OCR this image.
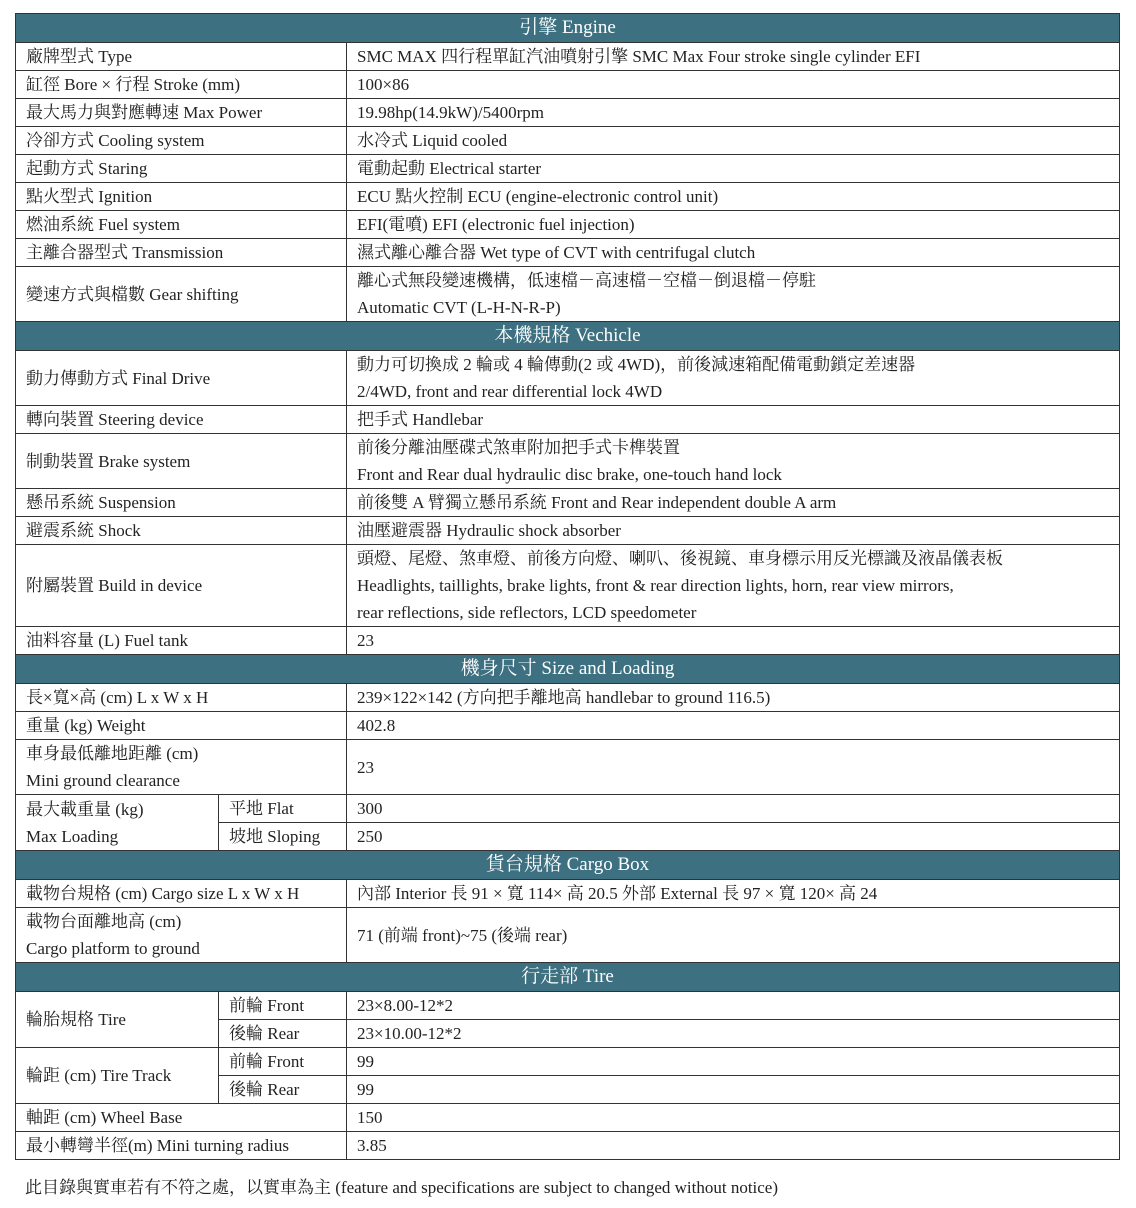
引擎 Engine		
廠牌型式 Type		SMC MAX 四行程單缸汽油噴射引擎 SMC Max Four stroke single cylinder EFI
缸徑 Bore × 行程 Stroke (mm)		100×86
最大馬力與對應轉速 Max Power		19.98hp(14.9kW)/5400rpm
冷卻方式 Cooling system		水冷式 Liquid cooled
起動方式 Staring		電動起動 Electrical starter
點火型式 Ignition		ECU 點火控制 ECU (engine-electronic control unit)
燃油系統 Fuel system		EFI(電噴) EFI (electronic fuel injection)
主離合器型式 Transmission		濕式離心離合器 Wet type of CVT with centrifugal clutch
變速方式與檔數 Gear shifting		離心式無段變速機構，低速檔－高速檔－空檔－倒退檔－停駐
Automatic CVT (L-H-N-R-P)

本機規格 Vechicle		
動力傳動方式 Final Drive		動力可切換成 2 輪或 4 輪傳動(2 或 4WD)，前後減速箱配備電動鎖定差速器
2/4WD, front and rear differential lock 4WD

轉向裝置 Steering device		把手式 Handlebar
制動裝置 Brake system		前後分離油壓碟式煞車附加把手式卡榫裝置
Front and Rear dual hydraulic disc brake, one-touch hand lock

懸吊系統 Suspension		前後雙 A 臂獨立懸吊系統 Front and Rear independent double A arm
避震系統 Shock		油壓避震器 Hydraulic shock absorber
附屬裝置 Build in device		頭燈、尾燈、煞車燈、前後方向燈、喇叭、後視鏡、車身標示用反光標識及液晶儀表板
Headlights, taillights, brake lights, front & rear direction lights, horn, rear view mirrors,
rear reflections, side reflectors, LCD speedometer

油料容量 (L) Fuel tank		23
機身尺寸 Size and Loading		
長×寬×高 (cm) L x W x H		239×122×142 (方向把手離地高 handlebar to ground 116.5)
重量 (kg) Weight		402.8

車身最低離地距離 (cm)
Mini ground clearance		23

最大載重量 (kg)
Max Loading	平地 Flat	300
	坡地 Sloping	250
貨台規格 Cargo Box		
載物台規格 (cm) Cargo size L x W x H		內部 Interior 長 91 × 寬 114× 高 20.5 外部 External 長 97 × 寬 120× 高 24

載物台面離地高 (cm)
Cargo platform to ground		71 (前端 front)~75 (後端 rear)
行走部 Tire		
輪胎規格 Tire	前輪 Front	23×8.00-12*2
	後輪 Rear	23×10.00-12*2
輪距 (cm) Tire Track	前輪 Front	99
	後輪 Rear	99
軸距 (cm) Wheel Base		150
最小轉彎半徑(m) Mini turning radius		3.85
此目錄與實車若有不符之處，以實車為主 (feature and specifications are subject to changed without notice)
